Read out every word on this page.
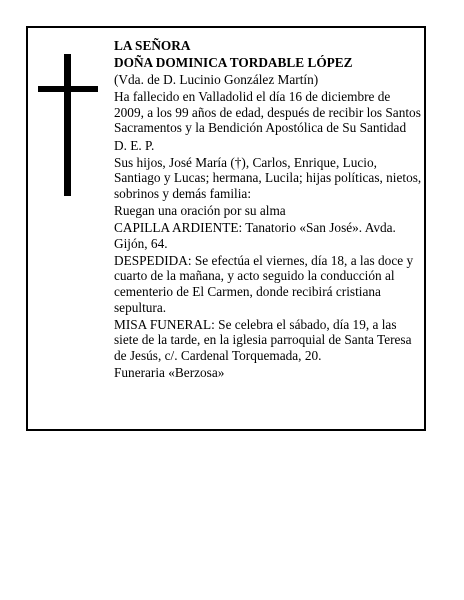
LA SEÑORA

DOÑA DOMINICA TORDABLE LÓPEZ

(Vda. de D. Lucinio González Martín)

Ha fallecido en Valladolid el día 16 de diciembre de 2009, a los 99 años de edad, después de recibir los Santos Sacramentos y la Bendición Apostólica de Su Santidad

D. E. P.

Sus hijos, José María (†), Carlos, Enrique, Lucio, Santiago y Lucas; hermana, Lucila; hijas políticas, nietos, sobrinos y demás familia:

Ruegan una oración por su alma

CAPILLA ARDIENTE: Tanatorio «San José». Avda. Gijón, 64.

DESPEDIDA: Se efectúa el viernes, día 18, a las doce y cuarto de la mañana, y acto seguido la conducción al cementerio de El Carmen, donde recibirá cristiana sepultura.

MISA FUNERAL: Se celebra el sábado, día 19, a las siete de la tarde, en la iglesia parroquial de Santa Teresa de Jesús, c/. Cardenal Torquemada, 20.

Funeraria «Berzosa»
